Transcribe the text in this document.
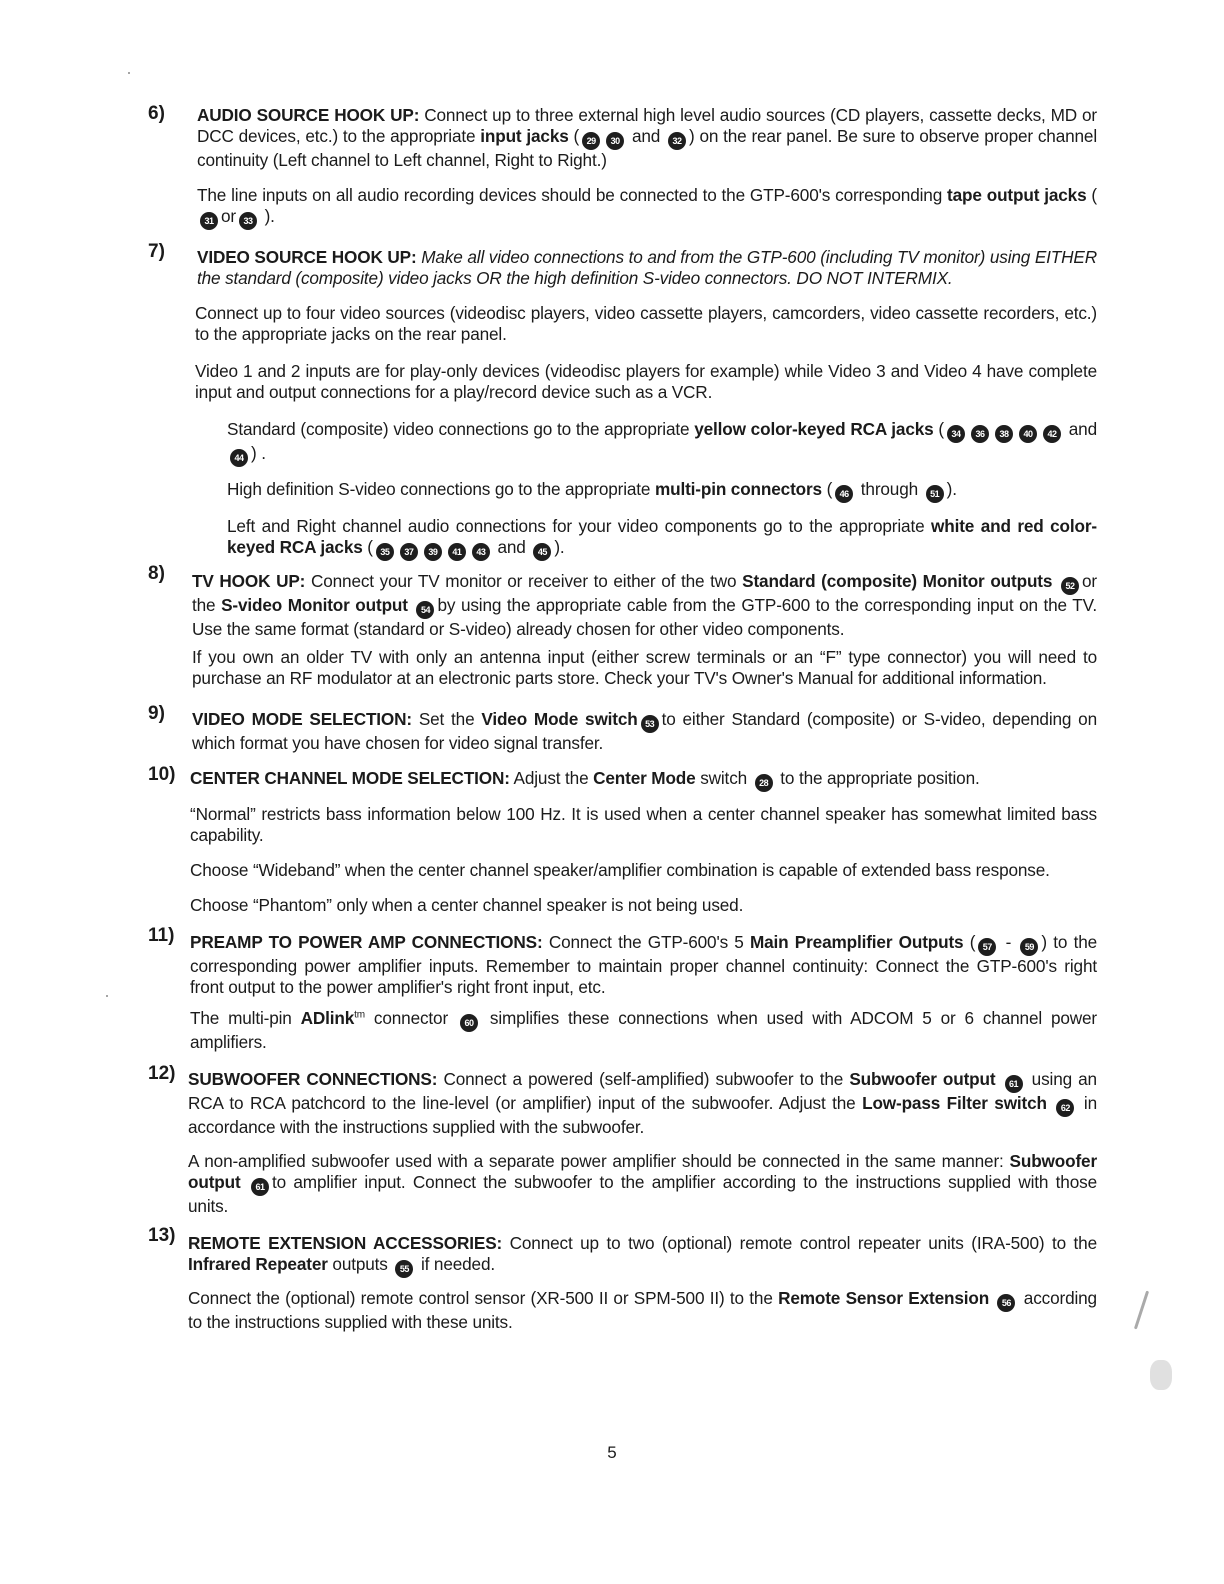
6) AUDIO SOURCE HOOK UP: Connect up to three external high level audio sources (CD players, cassette decks, MD or DCC devices, etc.) to the appropriate input jacks ( 29 30 and 32 ) on the rear panel. Be sure to observe proper channel continuity (Left channel to Left channel, Right to Right.)
The line inputs on all audio recording devices should be connected to the GTP-600's corresponding tape output jacks (31 or 33 ).
7) VIDEO SOURCE HOOK UP: Make all video connections to and from the GTP-600 (including TV monitor) using EITHER the standard (composite) video jacks OR the high definition S-video connectors. DO NOT INTERMIX.
Connect up to four video sources (videodisc players, video cassette players, camcorders, video cassette recorders, etc.) to the appropriate jacks on the rear panel.
Video 1 and 2 inputs are for play-only devices (videodisc players for example) while Video 3 and Video 4 have complete input and output connections for a play/record device such as a VCR.
Standard (composite) video connections go to the appropriate yellow color-keyed RCA jacks ( 34 36 38 40 42 and 44 ) .
High definition S-video connections go to the appropriate multi-pin connectors ( 46 through 51 ).
Left and Right channel audio connections for your video components go to the appropriate white and red color-keyed RCA jacks ( 35 37 39 41 43 and 45 ).
8) TV HOOK UP: Connect your TV monitor or receiver to either of the two Standard (composite) Monitor outputs 52 or the S-video Monitor output 54 by using the appropriate cable from the GTP-600 to the corresponding input on the TV. Use the same format (standard or S-video) already chosen for other video components.
If you own an older TV with only an antenna input (either screw terminals or an “F” type connector) you will need to purchase an RF modulator at an electronic parts store. Check your TV's Owner's Manual for additional information.
9) VIDEO MODE SELECTION: Set the Video Mode switch 53 to either Standard (composite) or S-video, depending on which format you have chosen for video signal transfer.
10) CENTER CHANNEL MODE SELECTION: Adjust the Center Mode switch 28 to the appropriate position.
“Normal” restricts bass information below 100 Hz. It is used when a center channel speaker has somewhat limited bass capability.
Choose “Wideband” when the center channel speaker/amplifier combination is capable of extended bass response.
Choose “Phantom” only when a center channel speaker is not being used.
11) PREAMP TO POWER AMP CONNECTIONS: Connect the GTP-600's 5 Main Preamplifier Outputs ( 57 - 59 ) to the corresponding power amplifier inputs. Remember to maintain proper channel continuity: Connect the GTP-600's right front output to the power amplifier's right front input, etc.
The multi-pin ADlink$^{tm}$ connector 60 simplifies these connections when used with ADCOM 5 or 6 channel power amplifiers.
12) SUBWOOFER CONNECTIONS: Connect a powered (self-amplified) subwoofer to the Subwoofer output 61 using an RCA to RCA patchcord to the line-level (or amplifier) input of the subwoofer. Adjust the Low-pass Filter switch 62 in accordance with the instructions supplied with the subwoofer.
A non-amplified subwoofer used with a separate power amplifier should be connected in the same manner: Subwoofer output 61 to amplifier input. Connect the subwoofer to the amplifier according to the instructions supplied with those units.
13) REMOTE EXTENSION ACCESSORIES: Connect up to two (optional) remote control repeater units (IRA-500) to the Infrared Repeater outputs 55 if needed.
Connect the (optional) remote control sensor (XR-500 II or SPM-500 II) to the Remote Sensor Extension 56 according to the instructions supplied with these units.
5
